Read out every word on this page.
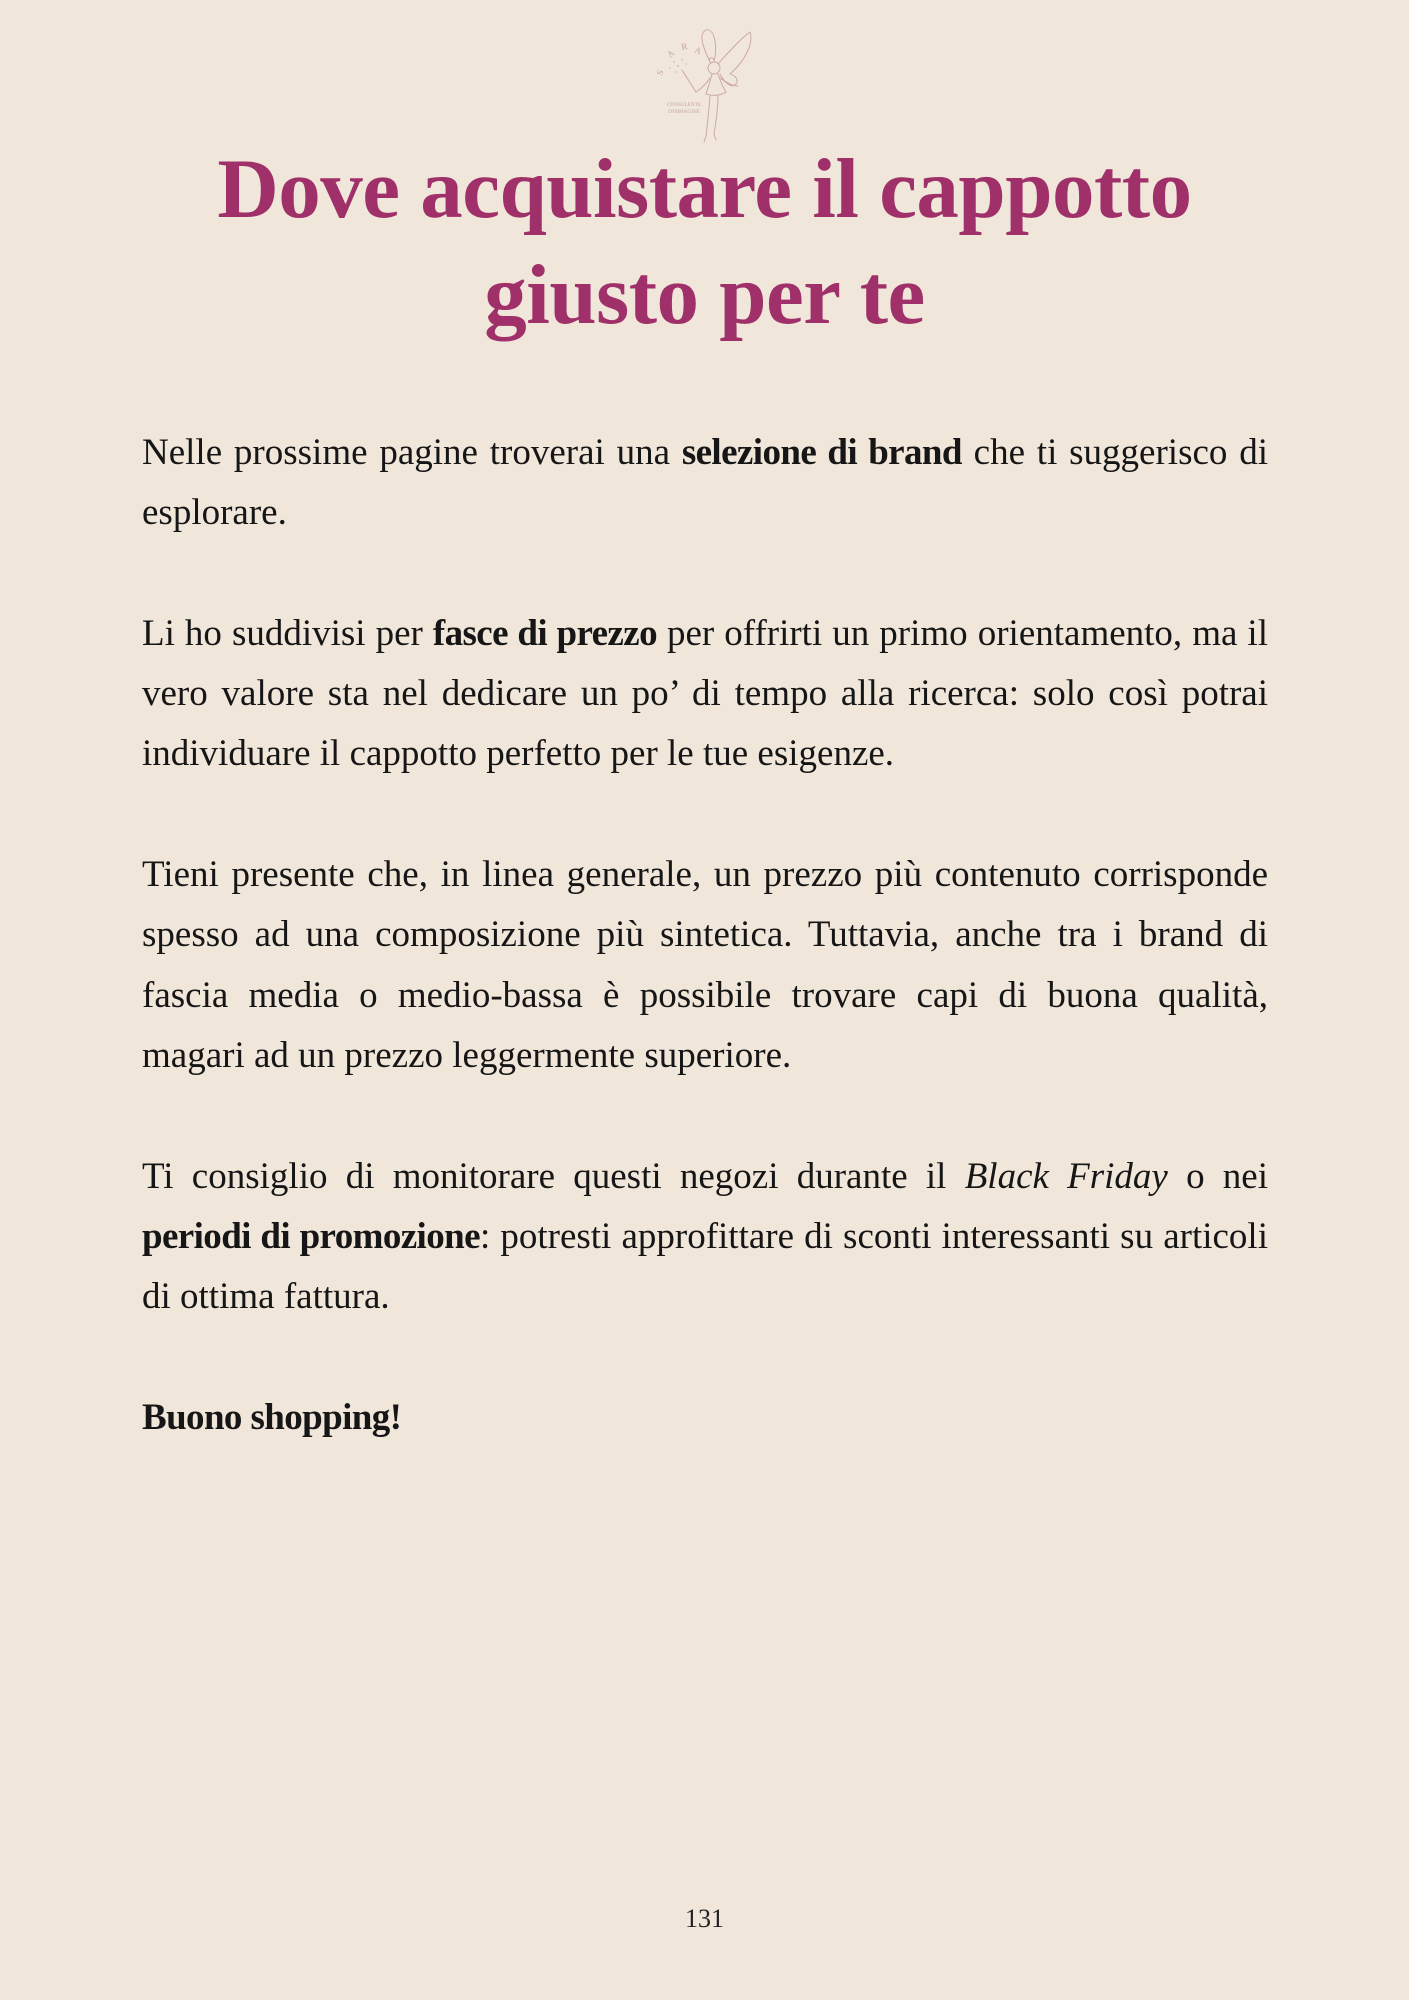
S
A
R A
CONSULENTE
D'IMMAGINE
Dove acquistare il cappotto
giusto per te

Nelle prossime pagine troverai una selezione di brand che ti suggerisco di esplorare.

Li ho suddivisi per fasce di prezzo per offrirti un primo orientamento, ma il vero valore sta nel dedicare un po’ di tempo alla ricerca: solo così potrai individuare il cappotto perfetto per le tue esigenze.

Tieni presente che, in linea generale, un prezzo più contenuto corrisponde spesso ad una composizione più sintetica. Tuttavia, anche tra i brand di fascia media o medio-bassa è possibile trovare capi di buona qualità, magari ad un prezzo leggermente superiore.

Ti consiglio di monitorare questi negozi durante il Black Friday o nei periodi di promozione: potresti approfittare di sconti interessanti su articoli di ottima fattura.

Buono shopping!

131
